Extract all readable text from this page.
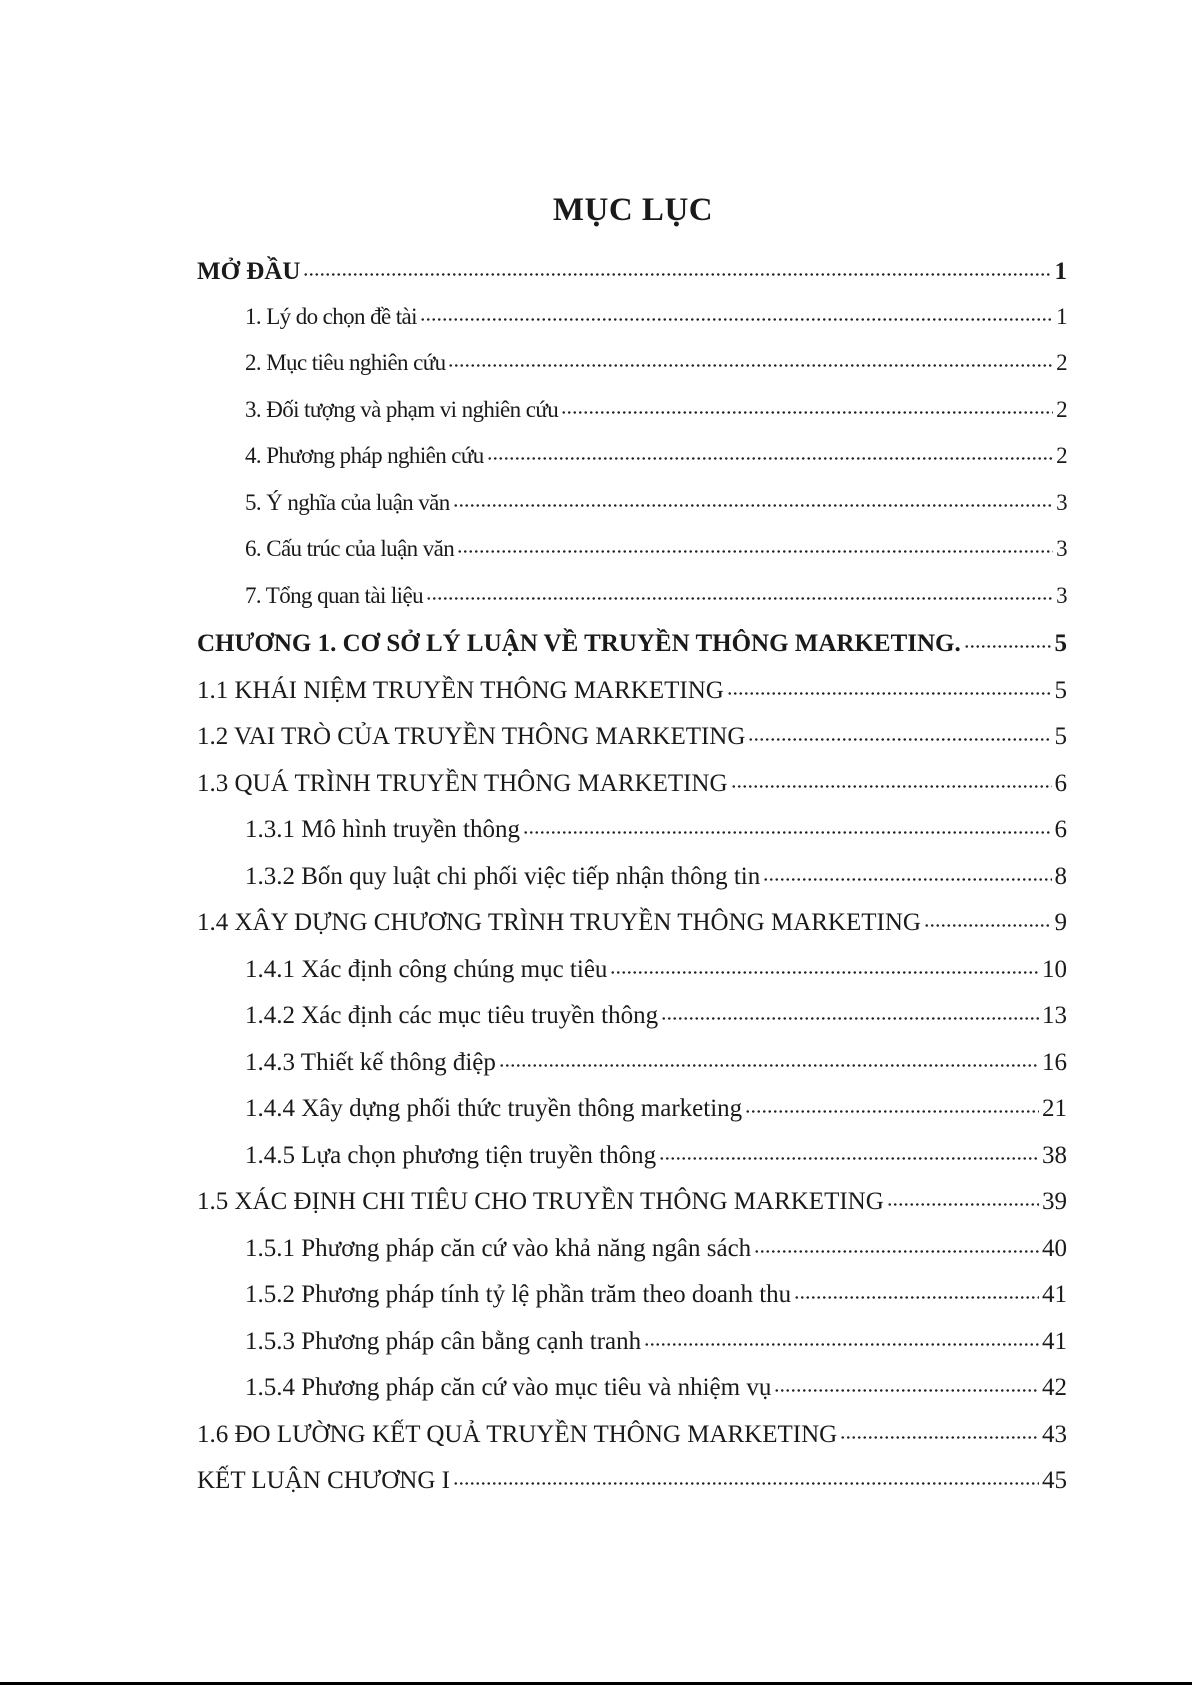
MỤC LỤC
MỞ ĐẦU	1
1. Lý do chọn đề tài	1
2. Mục tiêu nghiên cứu	2
3. Đối tượng và phạm vi nghiên cứu	2
4. Phương pháp nghiên cứu	2
5. Ý nghĩa của luận văn	3
6. Cấu trúc của luận văn	3
7. Tổng quan tài liệu	3
CHƯƠNG 1. CƠ SỞ LÝ LUẬN VỀ TRUYỀN THÔNG MARKETING.	5
1.1 KHÁI NIỆM TRUYỀN THÔNG MARKETING	5
1.2 VAI TRÒ CỦA TRUYỀN THÔNG MARKETING	5
1.3 QUÁ TRÌNH TRUYỀN THÔNG MARKETING	6
1.3.1 Mô hình truyền thông	6
1.3.2 Bốn quy luật chi phối việc tiếp nhận thông tin	8
1.4 XÂY DỰNG CHƯƠNG TRÌNH TRUYỀN THÔNG MARKETING	9
1.4.1 Xác định công chúng mục tiêu	10
1.4.2 Xác định các mục tiêu truyền thông	13
1.4.3 Thiết kế thông điệp	16
1.4.4 Xây dựng phối thức truyền thông marketing	21
1.4.5 Lựa chọn phương tiện truyền thông	38
1.5 XÁC ĐỊNH CHI TIÊU CHO TRUYỀN THÔNG MARKETING	39
1.5.1 Phương pháp căn cứ vào khả năng ngân sách	40
1.5.2 Phương pháp tính tỷ lệ phần trăm theo doanh thu	41
1.5.3 Phương pháp cân bằng cạnh tranh	41
1.5.4 Phương pháp căn cứ vào mục tiêu và nhiệm vụ	42
1.6 ĐO LƯỜNG KẾT QUẢ TRUYỀN THÔNG MARKETING	43
KẾT LUẬN CHƯƠNG I	45
